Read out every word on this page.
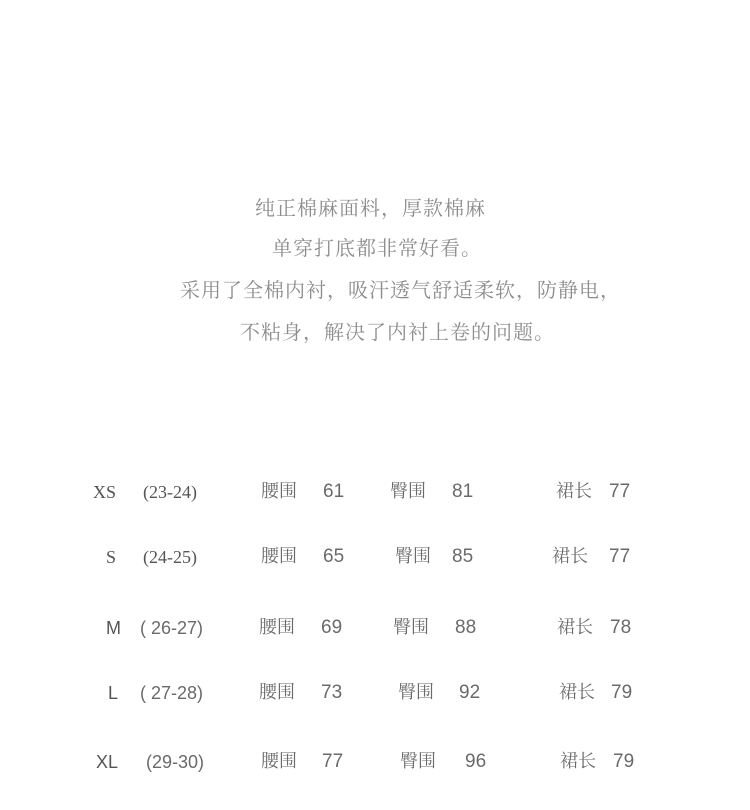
纯正棉麻面料，厚款棉麻
单穿打底都非常好看。
采用了全棉内衬，吸汗透气舒适柔软，防静电，
不粘身，解决了内衬上卷的问题。
XS (23-24)	腰围 61	臀围 81	裙长 77
S (24-25)	腰围 65	臀围 85	裙长 77
M ( 26-27)	腰围 69	臀围 88	裙长 78
L ( 27-28)	腰围 73	臀围 92	裙长 79
XL (29-30)	腰围 77	臀围 96	裙长 79
